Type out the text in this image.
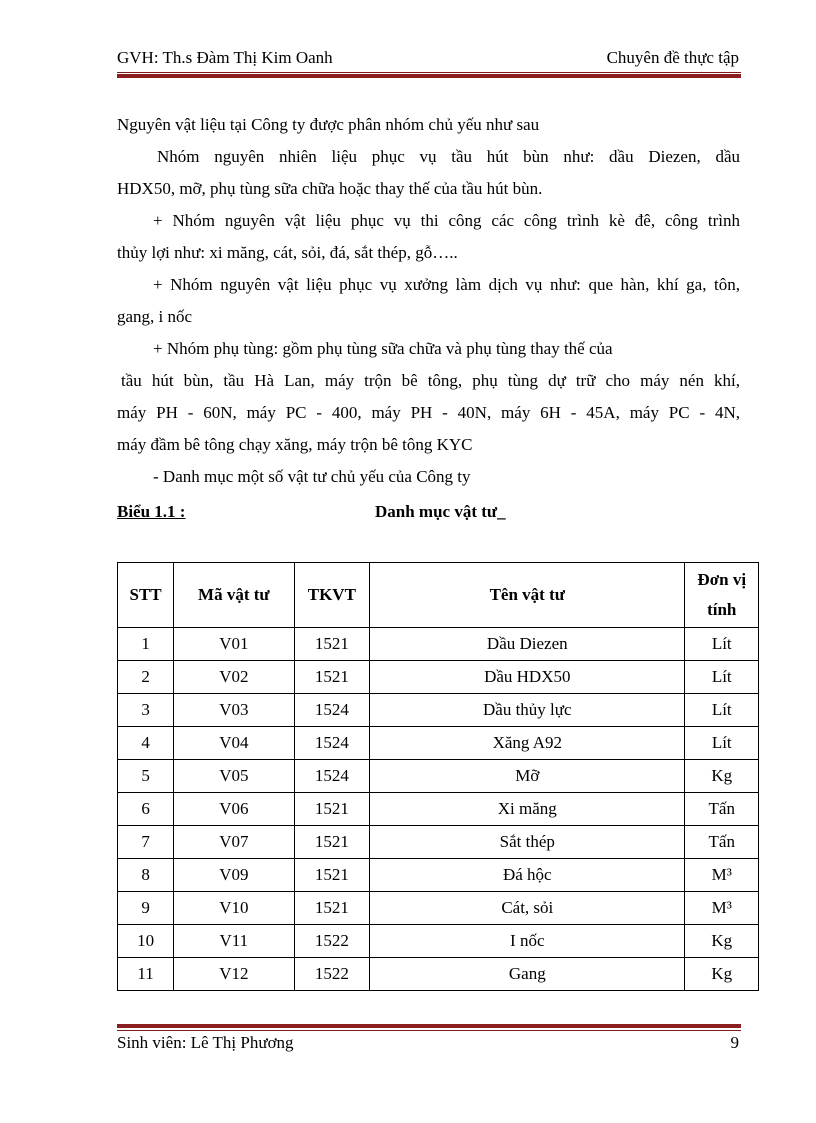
GVH: Th.s Đàm Thị Kim Oanh	Chuyên đề thực tập

Nguyên vật liệu tại Công ty được phân nhóm chủ yếu như sau

Nhóm nguyên nhiên liệu phục vụ tầu hút bùn như: dầu Diezen, dầu

HDX50, mỡ, phụ tùng sữa chữa hoặc thay thế của tầu hút bùn.

+ Nhóm nguyên vật liệu phục vụ thi công các công trình kè đê, công trình

thủy lợi như: xi măng, cát, sỏi, đá, sắt thép, gỗ…..

+ Nhóm nguyên vật liệu phục vụ xưởng làm dịch vụ như: que hàn, khí ga, tôn,

gang, i nốc

+ Nhóm phụ tùng: gồm phụ tùng sữa chữa và phụ tùng thay thế của

tầu hút bùn, tầu Hà Lan, máy trộn bê tông, phụ tùng dự trữ cho máy nén khí,

máy PH - 60N, máy PC - 400, máy PH - 40N, máy 6H - 45A, máy PC - 4N,

máy đầm bê tông chạy xăng, máy trộn bê tông KYC

- Danh mục một số vật tư chủ yếu của Công ty

Biểu 1.1 :	Danh mục vật tư_
STT	Mã vật tư	TKVT	Tên vật tư	Đơn vị
tính

1	V01	1521	Dầu Diezen	Lít
2	V02	1521	Dầu HDX50	Lít
3	V03	1524	Dầu thủy lực	Lít
4	V04	1524	Xăng A92	Lít
5	V05	1524	Mỡ	Kg
6	V06	1521	Xi măng	Tấn
7	V07	1521	Sắt thép	Tấn
8	V09	1521	Đá hộc	M³
9	V10	1521	Cát, sỏi	M³
10	V11	1522	I nốc	Kg
11	V12	1522	Gang	Kg
Sinh viên: Lê Thị Phương	9
